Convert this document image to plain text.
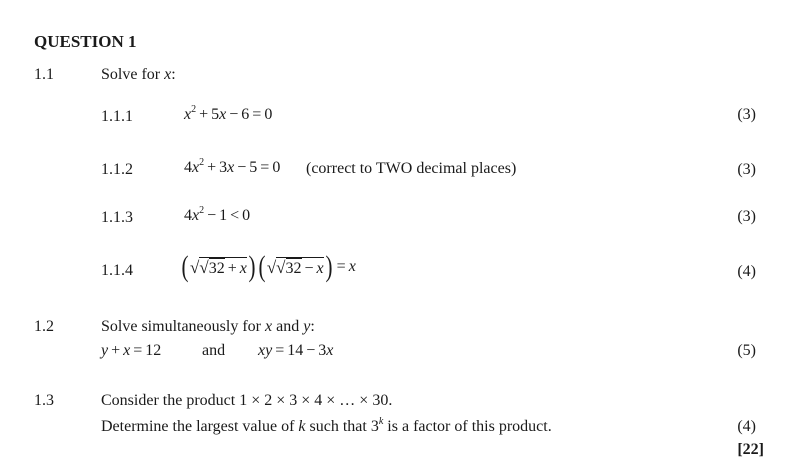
QUESTION 1
1.1	Solve for x:
1.1.1	$x^2 + 5x - 6 = 0$	(3)
1.1.2	$4x^2 + 3x - 5 = 0$ (correct to TWO decimal places)	(3)
1.1.3	$4x^2 - 1 < 0$	(3)
1.1.4 ( √ √32 + x ) ( √ √32 − x ) = x	(4)
1.2	Solve simultaneously for x and y:
y + x = 12	and xy = 14 − 3x	(5)
1.3	Consider the product 1 × 2 × 3 × 4 × … × 30.
Determine the largest value of k such that 3$^k$ is a factor of this product.	(4)
[22]
